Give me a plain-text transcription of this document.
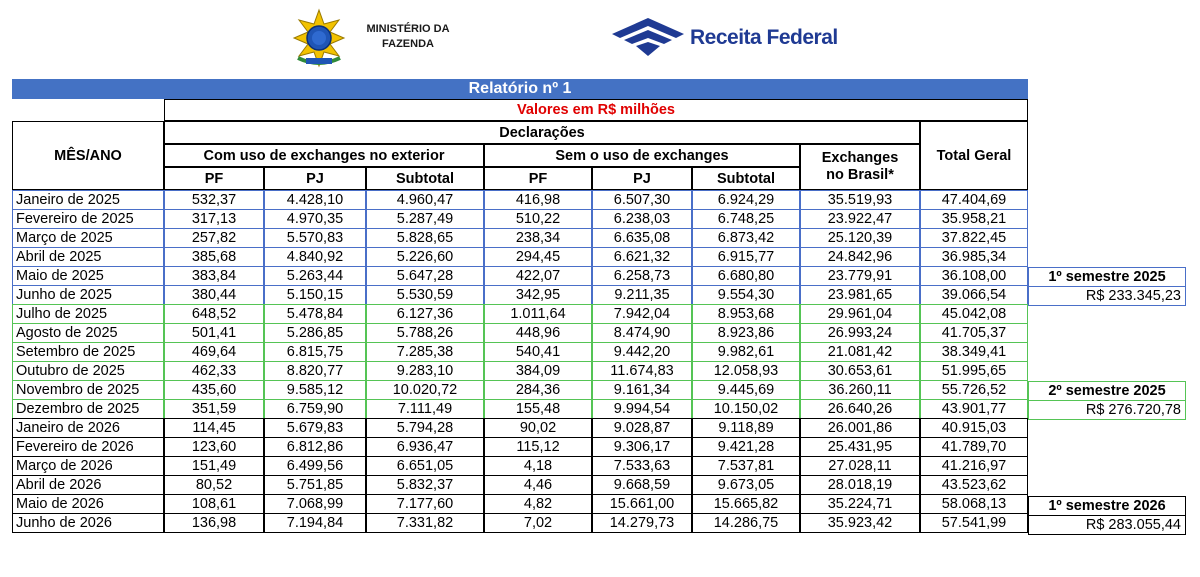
MINISTÉRIO DA
FAZENDA	Receita Federal
Relatório nº 1
Valores em R$ milhões
MÊS/ANO
Declarações
Total Geral
Com uso de exchanges no exterior	Sem o uso de exchanges	Exchanges
no Brasil*
PF	PJ	Subtotal	PF	PJ	Subtotal
Janeiro de 2025	532,37	4.428,10	4.960,47	416,98	6.507,30	6.924,29	35.519,93	47.404,69
Fevereiro de 2025	317,13	4.970,35	5.287,49	510,22	6.238,03	6.748,25	23.922,47	35.958,21
Março de 2025	257,82	5.570,83	5.828,65	238,34	6.635,08	6.873,42	25.120,39	37.822,45
Abril de 2025	385,68	4.840,92	5.226,60	294,45	6.621,32	6.915,77	24.842,96	36.985,34
Maio de 2025	383,84	5.263,44	5.647,28	422,07	6.258,73	6.680,80	23.779,91	36.108,00
Junho de 2025	380,44	5.150,15	5.530,59	342,95	9.211,35	9.554,30	23.981,65	39.066,54
Julho de 2025	648,52	5.478,84	6.127,36	1.011,64	7.942,04	8.953,68	29.961,04	45.042,08
Agosto de 2025	501,41	5.286,85	5.788,26	448,96	8.474,90	8.923,86	26.993,24	41.705,37
Setembro de 2025	469,64	6.815,75	7.285,38	540,41	9.442,20	9.982,61	21.081,42	38.349,41
Outubro de 2025	462,33	8.820,77	9.283,10	384,09	11.674,83	12.058,93	30.653,61	51.995,65
Novembro de 2025	435,60	9.585,12	10.020,72	284,36	9.161,34	9.445,69	36.260,11	55.726,52
Dezembro de 2025	351,59	6.759,90	7.111,49	155,48	9.994,54	10.150,02	26.640,26	43.901,77
Janeiro de 2026	114,45	5.679,83	5.794,28	90,02	9.028,87	9.118,89	26.001,86	40.915,03
Fevereiro de 2026	123,60	6.812,86	6.936,47	115,12	9.306,17	9.421,28	25.431,95	41.789,70
Março de 2026	151,49	6.499,56	6.651,05	4,18	7.533,63	7.537,81	27.028,11	41.216,97
Abril de 2026	80,52	5.751,85	5.832,37	4,46	9.668,59	9.673,05	28.018,19	43.523,62
Maio de 2026	108,61	7.068,99	7.177,60	4,82	15.661,00	15.665,82	35.224,71	58.068,13
Junho de 2026	136,98	7.194,84	7.331,82	7,02	14.279,73	14.286,75	35.923,42	57.541,99
1º semestre 2025
R$ 233.345,23
2º semestre 2025
R$ 276.720,78
1º semestre 2026
R$ 283.055,44
